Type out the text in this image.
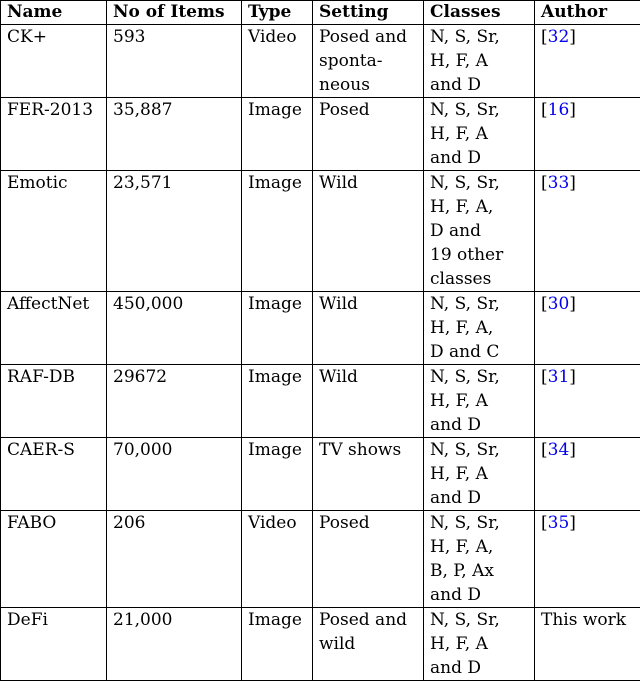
Name	No of Items	Type	Setting	Classes	Author
CK+	593	Video	Posed and
sponta-
neous	N, S, Sr,
H, F, A
and D	[32]
FER-2013	35,887	Image	Posed	N, S, Sr,
H, F, A
and D	[16]
Emotic	23,571	Image	Wild	N, S, Sr,
H, F, A,
D and
19 other
classes	[33]
AffectNet	450,000	Image	Wild	N, S, Sr,
H, F, A,
D and C	[30]
RAF-DB	29672	Image	Wild	N, S, Sr,
H, F, A
and D	[31]
CAER-S	70,000	Image	TV shows	N, S, Sr,
H, F, A
and D	[34]
FABO	206	Video	Posed	N, S, Sr,
H, F, A,
B, P, Ax
and D	[35]
DeFi	21,000	Image	Posed and
wild	N, S, Sr,
H, F, A
and D	This work
